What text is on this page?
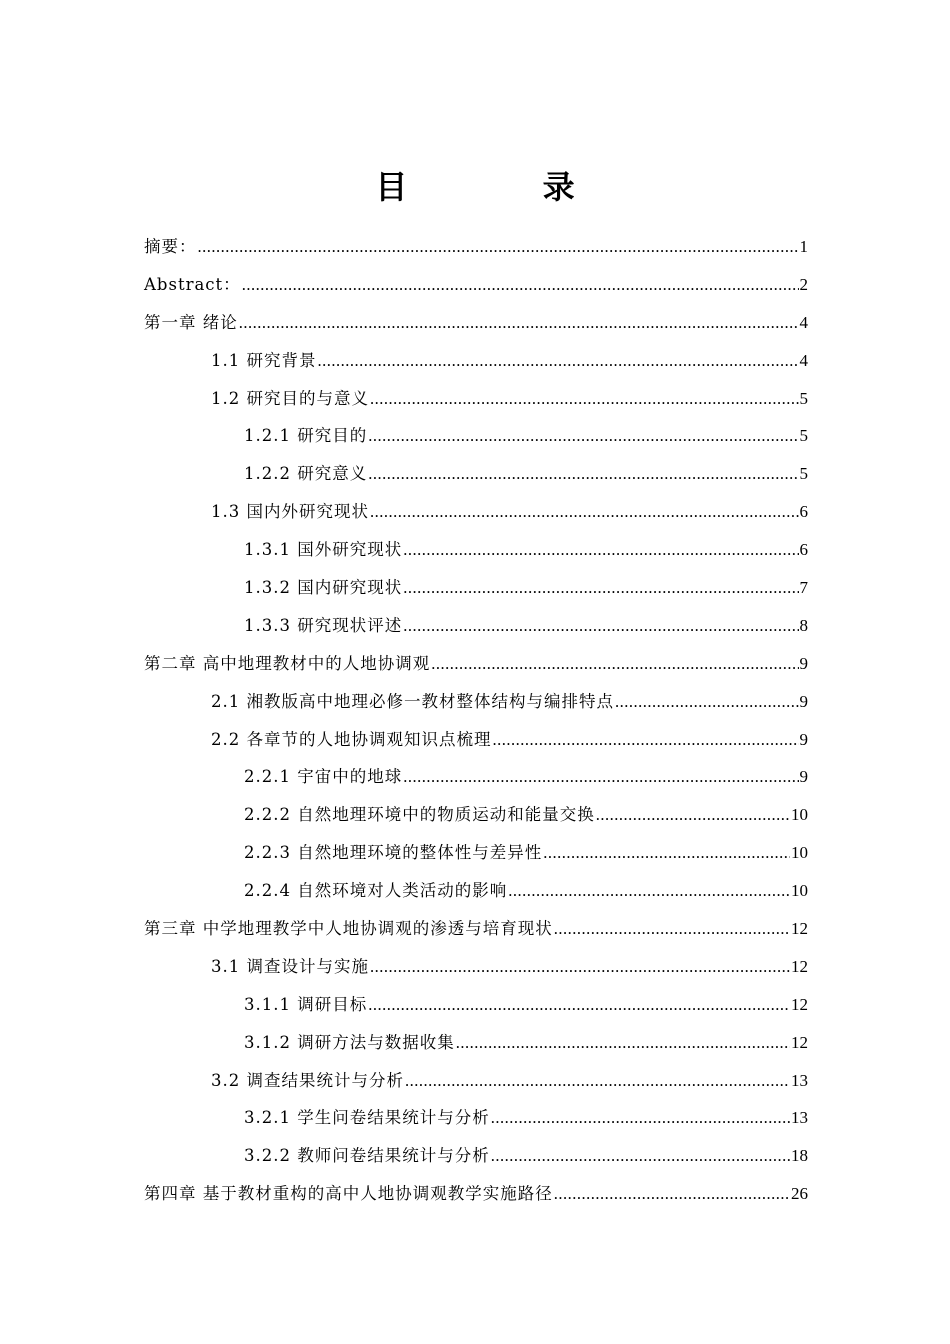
目 录
摘要： .....	1
Abstract： .....	2
第一章 绪论 .....	4
1.1 研究背景 .....	4
1.2 研究目的与意义 .....	5
1.2.1 研究目的 .....	5
1.2.2 研究意义 .....	5
1.3 国内外研究现状 .....	6
1.3.1 国外研究现状 .....	6
1.3.2 国内研究现状 .....	7
1.3.3 研究现状评述 .....	8
第二章 高中地理教材中的人地协调观 .....	9
2.1 湘教版高中地理必修一教材整体结构与编排特点 .....	9
2.2 各章节的人地协调观知识点梳理 .....	9
2.2.1 宇宙中的地球 .....	9
2.2.2 自然地理环境中的物质运动和能量交换 .....	10
2.2.3 自然地理环境的整体性与差异性 .....	10
2.2.4 自然环境对人类活动的影响 .....	10
第三章 中学地理教学中人地协调观的渗透与培育现状 .....	12
3.1 调查设计与实施 .....	12
3.1.1 调研目标 .....	12
3.1.2 调研方法与数据收集 .....	12
3.2 调查结果统计与分析 .....	13
3.2.1 学生问卷结果统计与分析 .....	13
3.2.2 教师问卷结果统计与分析 .....	18
第四章 基于教材重构的高中人地协调观教学实施路径 .....	26
